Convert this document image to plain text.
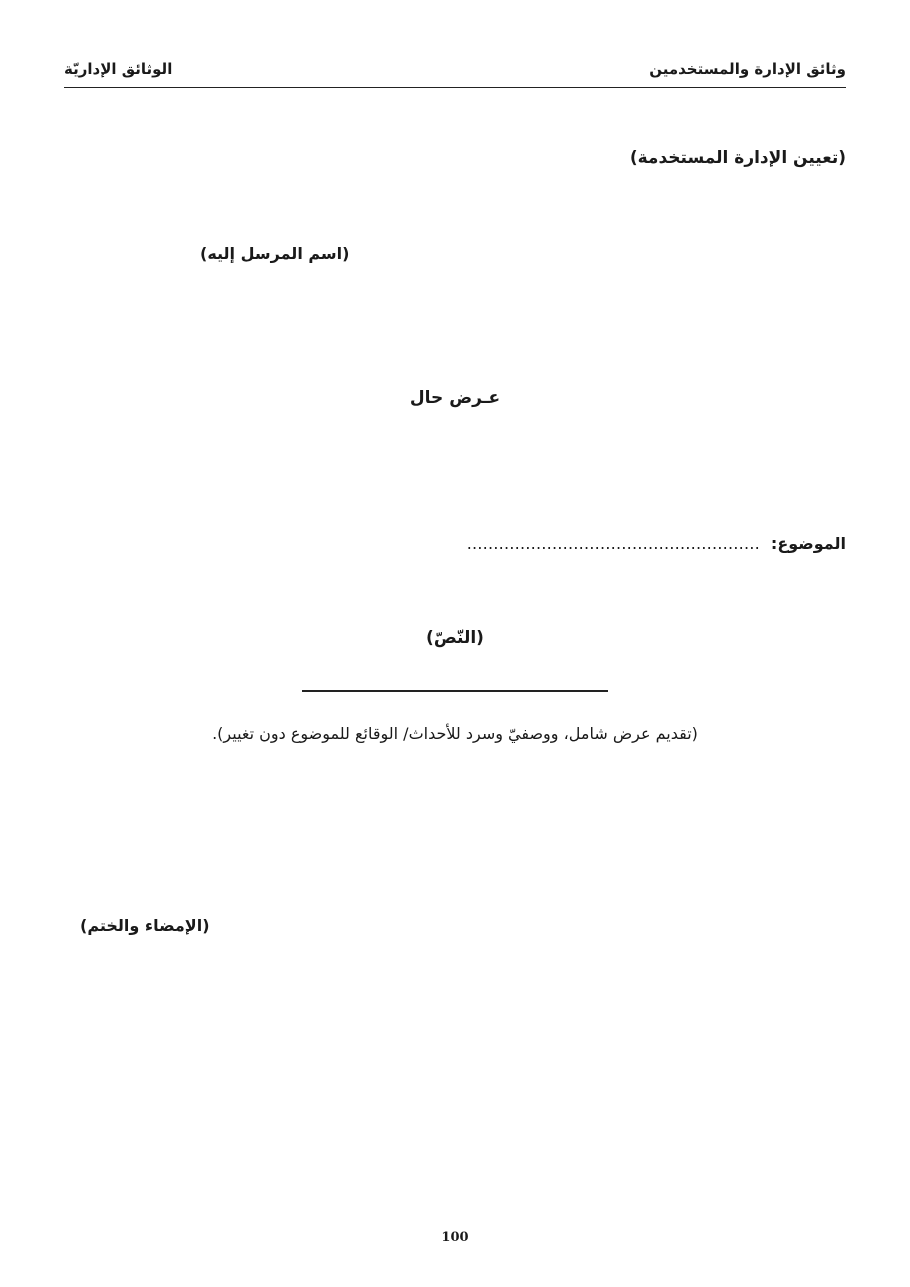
وثائق الإدارة والمستخدمين
الوثائق الإداريّة
(تعيين الإدارة المستخدمة)
(اسم المرسل إليه)
عـرض حال
الموضوع: ……………………………………………….
(النّصّ)
(تقديم عرض شامل، ووصفيّ وسرد للأحداث/ الوقائع للموضوع دون تغيير).
(الإمضاء والختم)
100
